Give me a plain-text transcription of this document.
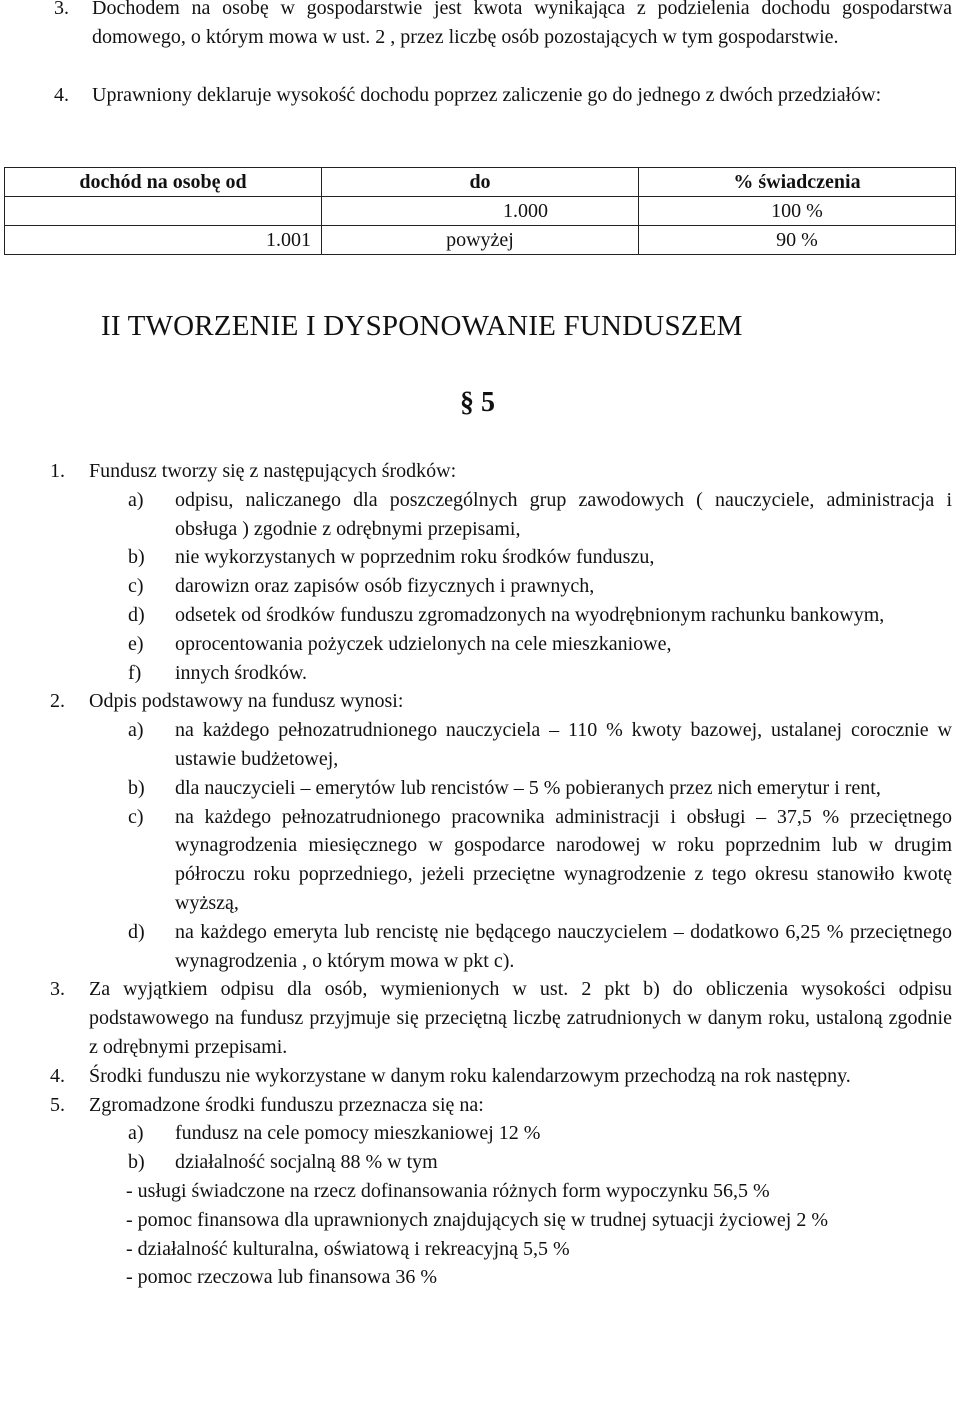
3.	Dochodem na osobę w gospodarstwie jest kwota wynikająca z podzielenia dochodu gospodarstwa domowego, o którym mowa w ust. 2 , przez liczbę osób pozostających w tym gospodarstwie.
4.	Uprawniony deklaruje wysokość dochodu poprzez zaliczenie go do jednego z dwóch przedziałów:
dochód na osobę od	do	% świadczenia
	1.000	100 %
1.001	powyżej	90 %
II TWORZENIE I DYSPONOWANIE FUNDUSZEM
§ 5
1.	Fundusz tworzy się z następujących środków:
a)	odpisu, naliczanego dla poszczególnych grup zawodowych ( nauczyciele, administracja i obsługa ) zgodnie z odrębnymi przepisami,
b)	nie wykorzystanych w poprzednim roku środków funduszu,
c)	darowizn oraz zapisów osób fizycznych i prawnych,
d)	odsetek od środków funduszu zgromadzonych na wyodrębnionym rachunku bankowym,
e)	oprocentowania pożyczek udzielonych na cele mieszkaniowe,
f)	innych środków.
2.	Odpis podstawowy na fundusz wynosi:
a)	na każdego pełnozatrudnionego nauczyciela – 110 % kwoty bazowej, ustalanej corocznie w ustawie budżetowej,
b)	dla nauczycieli – emerytów lub rencistów – 5 % pobieranych przez nich emerytur i rent,
c)	na każdego pełnozatrudnionego pracownika administracji i obsługi – 37,5 % przeciętnego wynagrodzenia miesięcznego w gospodarce narodowej w roku poprzednim lub w drugim półroczu roku poprzedniego, jeżeli przeciętne wynagrodzenie z tego okresu stanowiło kwotę wyższą,
d)	na każdego emeryta lub rencistę nie będącego nauczycielem – dodatkowo 6,25 % przeciętnego wynagrodzenia , o którym mowa w pkt c).
3.	Za wyjątkiem odpisu dla osób, wymienionych w ust. 2 pkt b) do obliczenia wysokości odpisu podstawowego na fundusz przyjmuje się przeciętną liczbę zatrudnionych w danym roku, ustaloną zgodnie z odrębnymi przepisami.
4.	Środki funduszu nie wykorzystane w danym roku kalendarzowym przechodzą na rok następny.
5.	Zgromadzone środki funduszu przeznacza się na:
a)	fundusz na cele pomocy mieszkaniowej 12 %
b)	działalność socjalną 88 % w tym
- usługi świadczone na rzecz dofinansowania różnych form wypoczynku 56,5 %
- pomoc finansowa dla uprawnionych znajdujących się w trudnej sytuacji życiowej 2 %
- działalność kulturalna, oświatową i rekreacyjną 5,5 %
- pomoc rzeczowa lub finansowa 36 %
